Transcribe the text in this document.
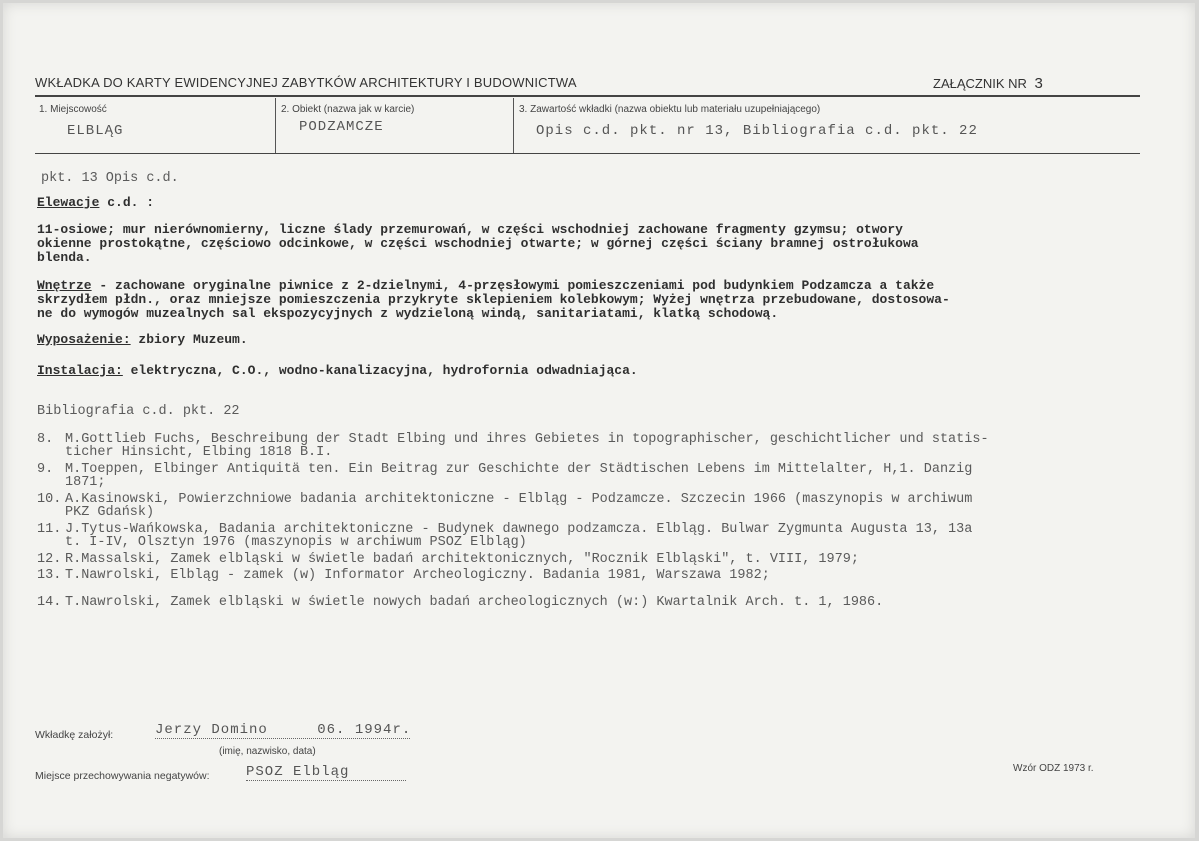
WKŁADKA DO KARTY EWIDENCYJNEJ ZABYTKÓW ARCHITEKTURY I BUDOWNICTWA	ZAŁĄCZNIK NR 3
1. Miejscowość
ELBLĄG
2. Obiekt (nazwa jak w karcie)
PODZAMCZE
3. Zawartość wkładki (nazwa obiektu lub materiału uzupełniającego)
Opis c.d. pkt. nr 13, Bibliografia c.d. pkt. 22
pkt. 13 Opis c.d.
Elewacje c.d. :
11-osiowe; mur nierównomierny, liczne ślady przemurowań, w części wschodniej zachowane fragmenty gzymsu; otwory
okienne prostokątne, częściowo odcinkowe, w części wschodniej otwarte; w górnej części ściany bramnej ostrołukowa
blenda.
Wnętrze - zachowane oryginalne piwnice z 2-dzielnymi, 4-przęsłowymi pomieszczeniami pod budynkiem Podzamcza a także
skrzydłem płdn., oraz mniejsze pomieszczenia przykryte sklepieniem kolebkowym; Wyżej wnętrza przebudowane, dostosowa-
ne do wymogów muzealnych sal ekspozycyjnych z wydzieloną windą, sanitariatami, klatką schodową.
Wyposażenie: zbiory Muzeum.
Instalacja: elektryczna, C.O., wodno-kanalizacyjna, hydrofornia odwadniająca.
Bibliografia c.d. pkt. 22
8. M.Gottlieb Fuchs, Beschreibung der Stadt Elbing und ihres Gebietes in topographischer, geschichtlicher und statis-
ticher Hinsicht, Elbing 1818 B.I.
9. M.Toeppen, Elbinger Antiquitä ten. Ein Beitrag zur Geschichte der Städtischen Lebens im Mittelalter, H,1. Danzig
1871;
10. A.Kasinowski, Powierzchniowe badania architektoniczne - Elbląg - Podzamcze. Szczecin 1966 (maszynopis w archiwum
PKZ Gdańsk)
11. J.Tytus-Wańkowska, Badania architektoniczne - Budynek dawnego podzamcza. Elbląg. Bulwar Zygmunta Augusta 13, 13a
t. I-IV, Olsztyn 1976 (maszynopis w archiwum PSOZ Elbląg)
12. R.Massalski, Zamek elbląski w świetle badań architektonicznych, "Rocznik Elbląski", t. VIII, 1979;
13. T.Nawrolski, Elbląg - zamek (w) Informator Archeologiczny. Badania 1981, Warszawa 1982;
14. T.Nawrolski, Zamek elbląski w świetle nowych badań archeologicznych (w:) Kwartalnik Arch. t. 1, 1986.
Wkładkę założył:	Jerzy Domino	06. 1994r.
(imię, nazwisko, data)
Miejsce przechowywania negatywów:	PSOZ Elbląg	Wzór ODZ 1973 r.
